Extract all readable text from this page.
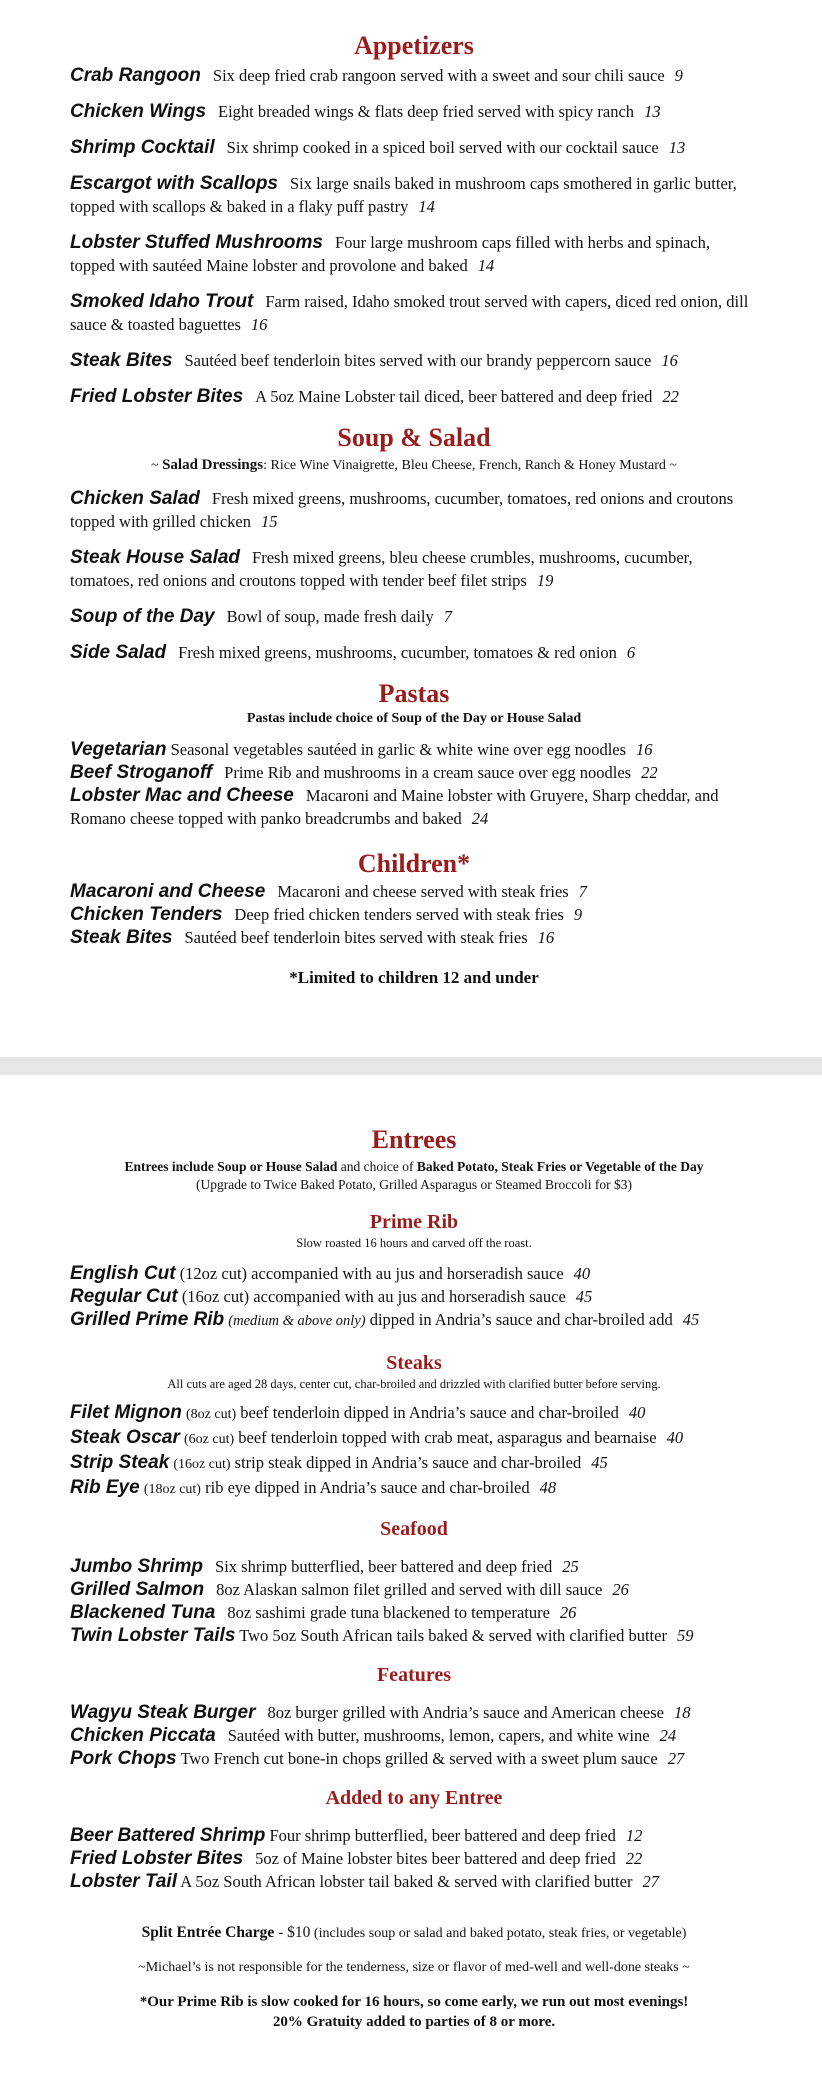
Appetizers

Crab Rangoon Six deep fried crab rangoon served with a sweet and sour chili sauce 9

Chicken Wings Eight breaded wings & flats deep fried served with spicy ranch 13

Shrimp Cocktail Six shrimp cooked in a spiced boil served with our cocktail sauce 13

Escargot with Scallops Six large snails baked in mushroom caps smothered in garlic butter, topped with scallops & baked in a flaky puff pastry 14

Lobster Stuffed Mushrooms Four large mushroom caps filled with herbs and spinach, topped with sautéed Maine lobster and provolone and baked 14

Smoked Idaho Trout Farm raised, Idaho smoked trout served with capers, diced red onion, dill sauce & toasted baguettes 16

Steak Bites Sautéed beef tenderloin bites served with our brandy peppercorn sauce 16

Fried Lobster Bites A 5oz Maine Lobster tail diced, beer battered and deep fried 22

Soup & Salad

~ Salad Dressings: Rice Wine Vinaigrette, Bleu Cheese, French, Ranch & Honey Mustard ~

Chicken Salad Fresh mixed greens, mushrooms, cucumber, tomatoes, red onions and croutons topped with grilled chicken 15

Steak House Salad Fresh mixed greens, bleu cheese crumbles, mushrooms, cucumber, tomatoes, red onions and croutons topped with tender beef filet strips 19

Soup of the Day Bowl of soup, made fresh daily 7

Side Salad Fresh mixed greens, mushrooms, cucumber, tomatoes & red onion 6

Pastas

Pastas include choice of Soup of the Day or House Salad

Vegetarian Seasonal vegetables sautéed in garlic & white wine over egg noodles 16

Beef Stroganoff Prime Rib and mushrooms in a cream sauce over egg noodles 22

Lobster Mac and Cheese Macaroni and Maine lobster with Gruyere, Sharp cheddar, and Romano cheese topped with panko breadcrumbs and baked 24

Children*

Macaroni and Cheese Macaroni and cheese served with steak fries 7

Chicken Tenders Deep fried chicken tenders served with steak fries 9

Steak Bites Sautéed beef tenderloin bites served with steak fries 16

*Limited to children 12 and under

Entrees

Entrees include Soup or House Salad and choice of Baked Potato, Steak Fries or Vegetable of the Day

(Upgrade to Twice Baked Potato, Grilled Asparagus or Steamed Broccoli for $3)

Prime Rib

Slow roasted 16 hours and carved off the roast.

English Cut (12oz cut) accompanied with au jus and horseradish sauce 40

Regular Cut (16oz cut) accompanied with au jus and horseradish sauce 45

Grilled Prime Rib (medium & above only) dipped in Andria’s sauce and char-broiled add 45

Steaks

All cuts are aged 28 days, center cut, char-broiled and drizzled with clarified butter before serving.

Filet Mignon (8oz cut) beef tenderloin dipped in Andria’s sauce and char-broiled 40

Steak Oscar (6oz cut) beef tenderloin topped with crab meat, asparagus and bearnaise 40

Strip Steak (16oz cut) strip steak dipped in Andria’s sauce and char-broiled 45

Rib Eye (18oz cut) rib eye dipped in Andria’s sauce and char-broiled 48

Seafood

Jumbo Shrimp Six shrimp butterflied, beer battered and deep fried 25

Grilled Salmon 8oz Alaskan salmon filet grilled and served with dill sauce 26

Blackened Tuna 8oz sashimi grade tuna blackened to temperature 26

Twin Lobster Tails Two 5oz South African tails baked & served with clarified butter 59

Features

Wagyu Steak Burger 8oz burger grilled with Andria’s sauce and American cheese 18

Chicken Piccata Sautéed with butter, mushrooms, lemon, capers, and white wine 24

Pork Chops Two French cut bone-in chops grilled & served with a sweet plum sauce 27

Added to any Entree

Beer Battered Shrimp Four shrimp butterflied, beer battered and deep fried 12

Fried Lobster Bites 5oz of Maine lobster bites beer battered and deep fried 22

Lobster Tail A 5oz South African lobster tail baked & served with clarified butter 27

Split Entrée Charge - $10 (includes soup or salad and baked potato, steak fries, or vegetable)

~Michael’s is not responsible for the tenderness, size or flavor of med-well and well-done steaks ~

*Our Prime Rib is slow cooked for 16 hours, so come early, we run out most evenings!

20% Gratuity added to parties of 8 or more.
